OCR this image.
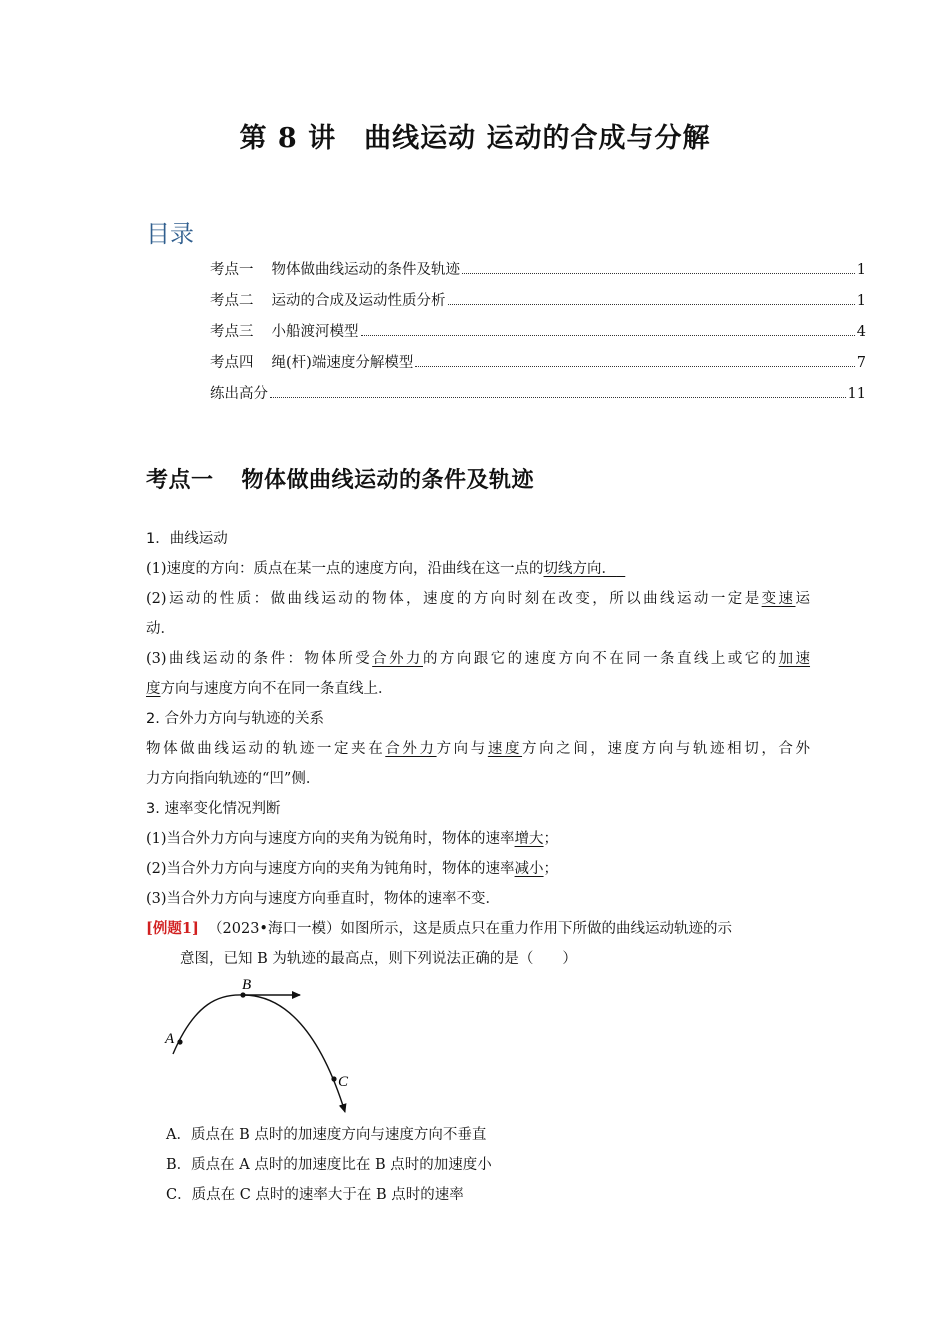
第 8 讲　曲线运动 运动的合成与分解
目录
考点一 物体做曲线运动的条件及轨迹	1
考点二 运动的合成及运动性质分析	1
考点三 小船渡河模型	4
考点四 绳(杆)端速度分解模型	7
练出高分	11
考点一 物体做曲线运动的条件及轨迹
1．曲线运动
(1)速度的方向：质点在某一点的速度方向，沿曲线在这一点的切线方向．
(2)运动的性质：做曲线运动的物体，速度的方向时刻在改变，所以曲线运动一定是变速运
动．
(3)曲线运动的条件：物体所受合外力的方向跟它的速度方向不在同一条直线上或它的加速
度方向与速度方向不在同一条直线上．
2. 合外力方向与轨迹的关系
物体做曲线运动的轨迹一定夹在合外力方向与速度方向之间，速度方向与轨迹相切，合外
力方向指向轨迹的“凹”侧．
3. 速率变化情况判断
(1)当合外力方向与速度方向的夹角为锐角时，物体的速率增大；
(2)当合外力方向与速度方向的夹角为钝角时，物体的速率减小；
(3)当合外力方向与速度方向垂直时，物体的速率不变．
[例题1] （2023•海口一模）如图所示，这是质点只在重力作用下所做的曲线运动轨迹的示
意图，已知 B 为轨迹的最高点，则下列说法正确的是（　　）
A
B
C
A．质点在 B 点时的加速度方向与速度方向不垂直
B．质点在 A 点时的加速度比在 B 点时的加速度小
C．质点在 C 点时的速率大于在 B 点时的速率
